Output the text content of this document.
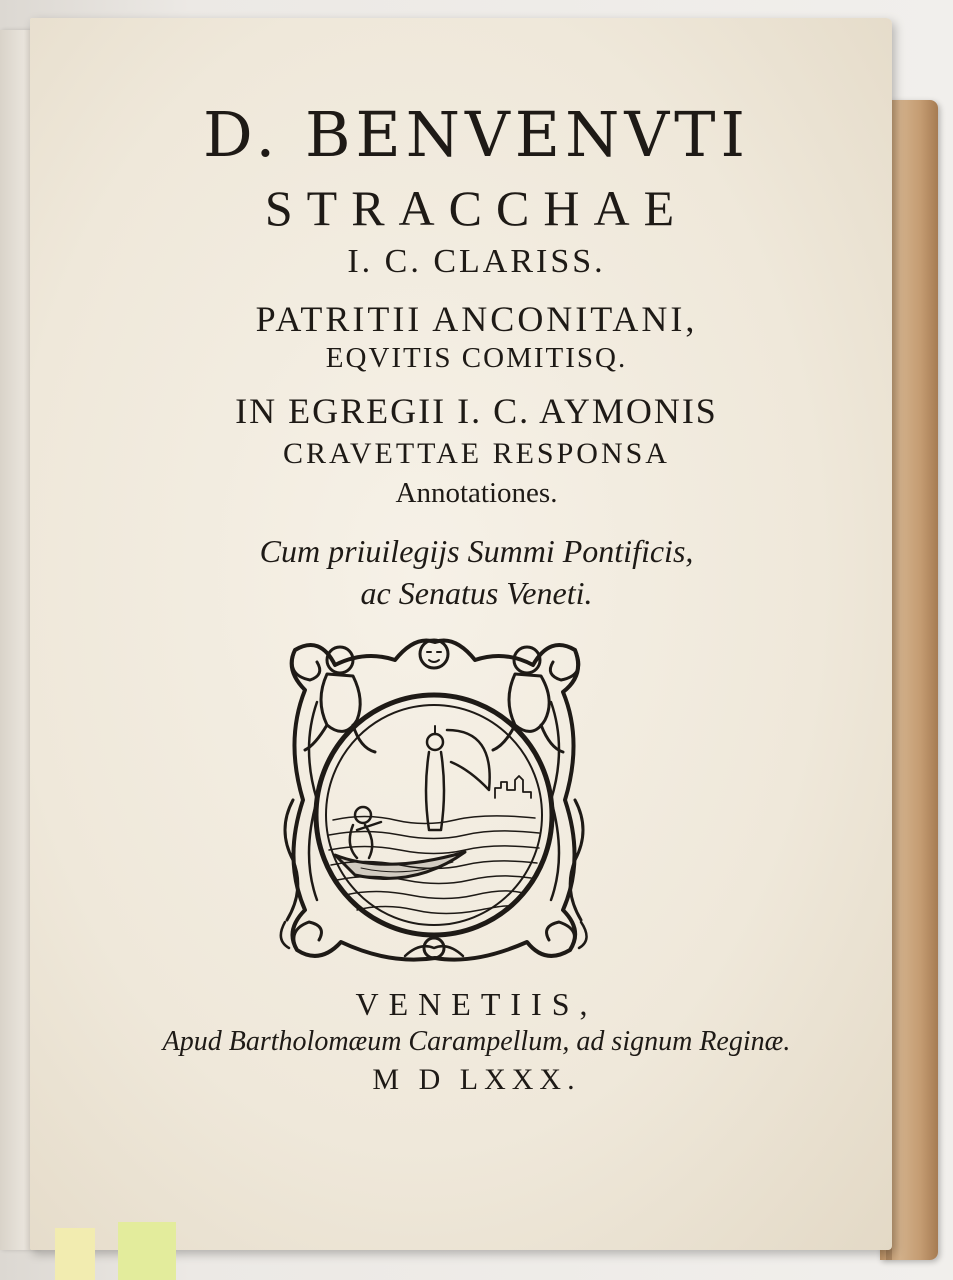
D. BENVENVTI
STRACCHAE
I. C. CLARISS.
PATRITII ANCONITANI,
EQVITIS COMITISQ.
IN EGREGII I. C. AYMONIS
CRAVETTAE RESPONSA
Annotationes.
Cum priuilegijs Summi Pontificis,
ac Senatus Veneti.
VENETIIS,
Apud Bartholomæum Carampellum, ad signum Reginæ.
M D LXXX.
